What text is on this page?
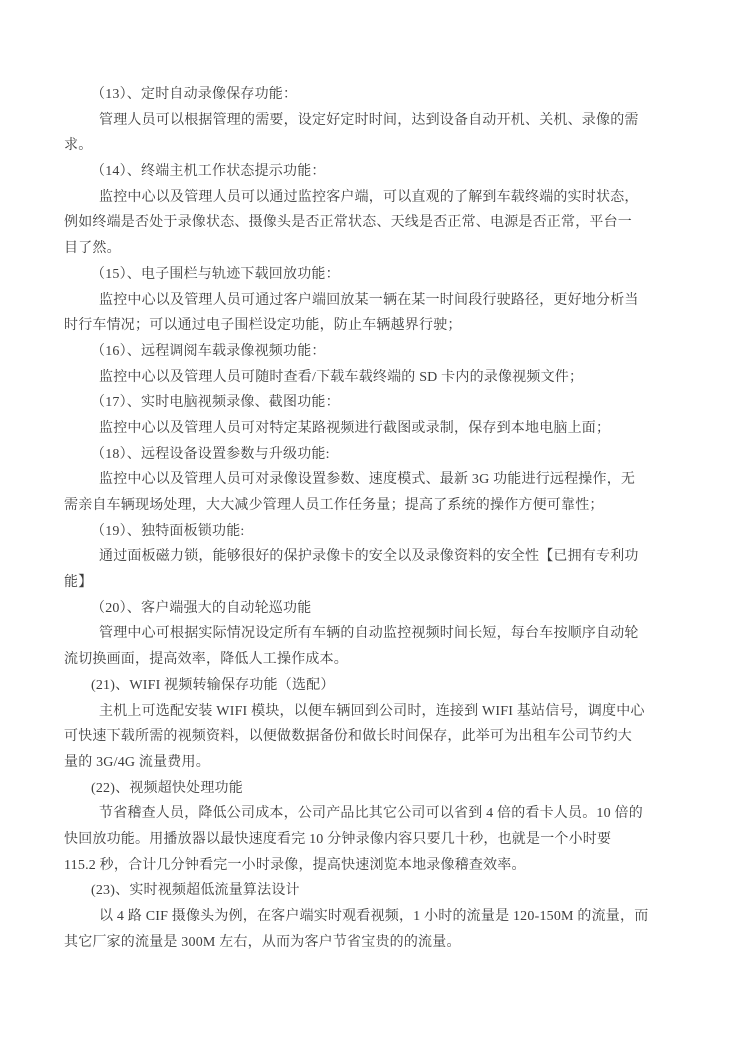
（13）、定时自动录像保存功能：
管理人员可以根据管理的需要，设定好定时时间，达到设备自动开机、关机、录像的需
求。
（14）、终端主机工作状态提示功能：
监控中心以及管理人员可以通过监控客户端，可以直观的了解到车载终端的实时状态，
例如终端是否处于录像状态、摄像头是否正常状态、天线是否正常、电源是否正常，平台一
目了然。
（15）、电子围栏与轨迹下载回放功能：
监控中心以及管理人员可通过客户端回放某一辆在某一时间段行驶路径，更好地分析当
时行车情况；可以通过电子围栏设定功能，防止车辆越界行驶；
（16）、远程调阅车载录像视频功能：
监控中心以及管理人员可随时查看/下载车载终端的 SD 卡内的录像视频文件；
（17）、实时电脑视频录像、截图功能：
监控中心以及管理人员可对特定某路视频进行截图或录制，保存到本地电脑上面；
（18）、远程设备设置参数与升级功能:
监控中心以及管理人员可对录像设置参数、速度模式、最新 3G 功能进行远程操作，无
需亲自车辆现场处理，大大减少管理人员工作任务量；提高了系统的操作方便可靠性；
（19）、独特面板锁功能:
通过面板磁力锁，能够很好的保护录像卡的安全以及录像资料的安全性【已拥有专利功
能】
（20）、客户端强大的自动轮巡功能
管理中心可根据实际情况设定所有车辆的自动监控视频时间长短，每台车按顺序自动轮
流切换画面，提高效率，降低人工操作成本。
(21)、WIFI 视频转输保存功能（选配）
主机上可选配安装 WIFI 模块，以便车辆回到公司时，连接到 WIFI 基站信号，调度中心
可快速下载所需的视频资料，以便做数据备份和做长时间保存，此举可为出租车公司节约大
量的 3G/4G 流量费用。
(22)、视频超快处理功能
节省稽查人员，降低公司成本，公司产品比其它公司可以省到 4 倍的看卡人员。10 倍的
快回放功能。用播放器以最快速度看完 10 分钟录像内容只要几十秒，也就是一个小时要
115.2 秒，合计几分钟看完一小时录像，提高快速浏览本地录像稽查效率。
(23)、实时视频超低流量算法设计
以 4 路 CIF 摄像头为例，在客户端实时观看视频，1 小时的流量是 120-150M 的流量，而
其它厂家的流量是 300M 左右，从而为客户节省宝贵的的流量。
